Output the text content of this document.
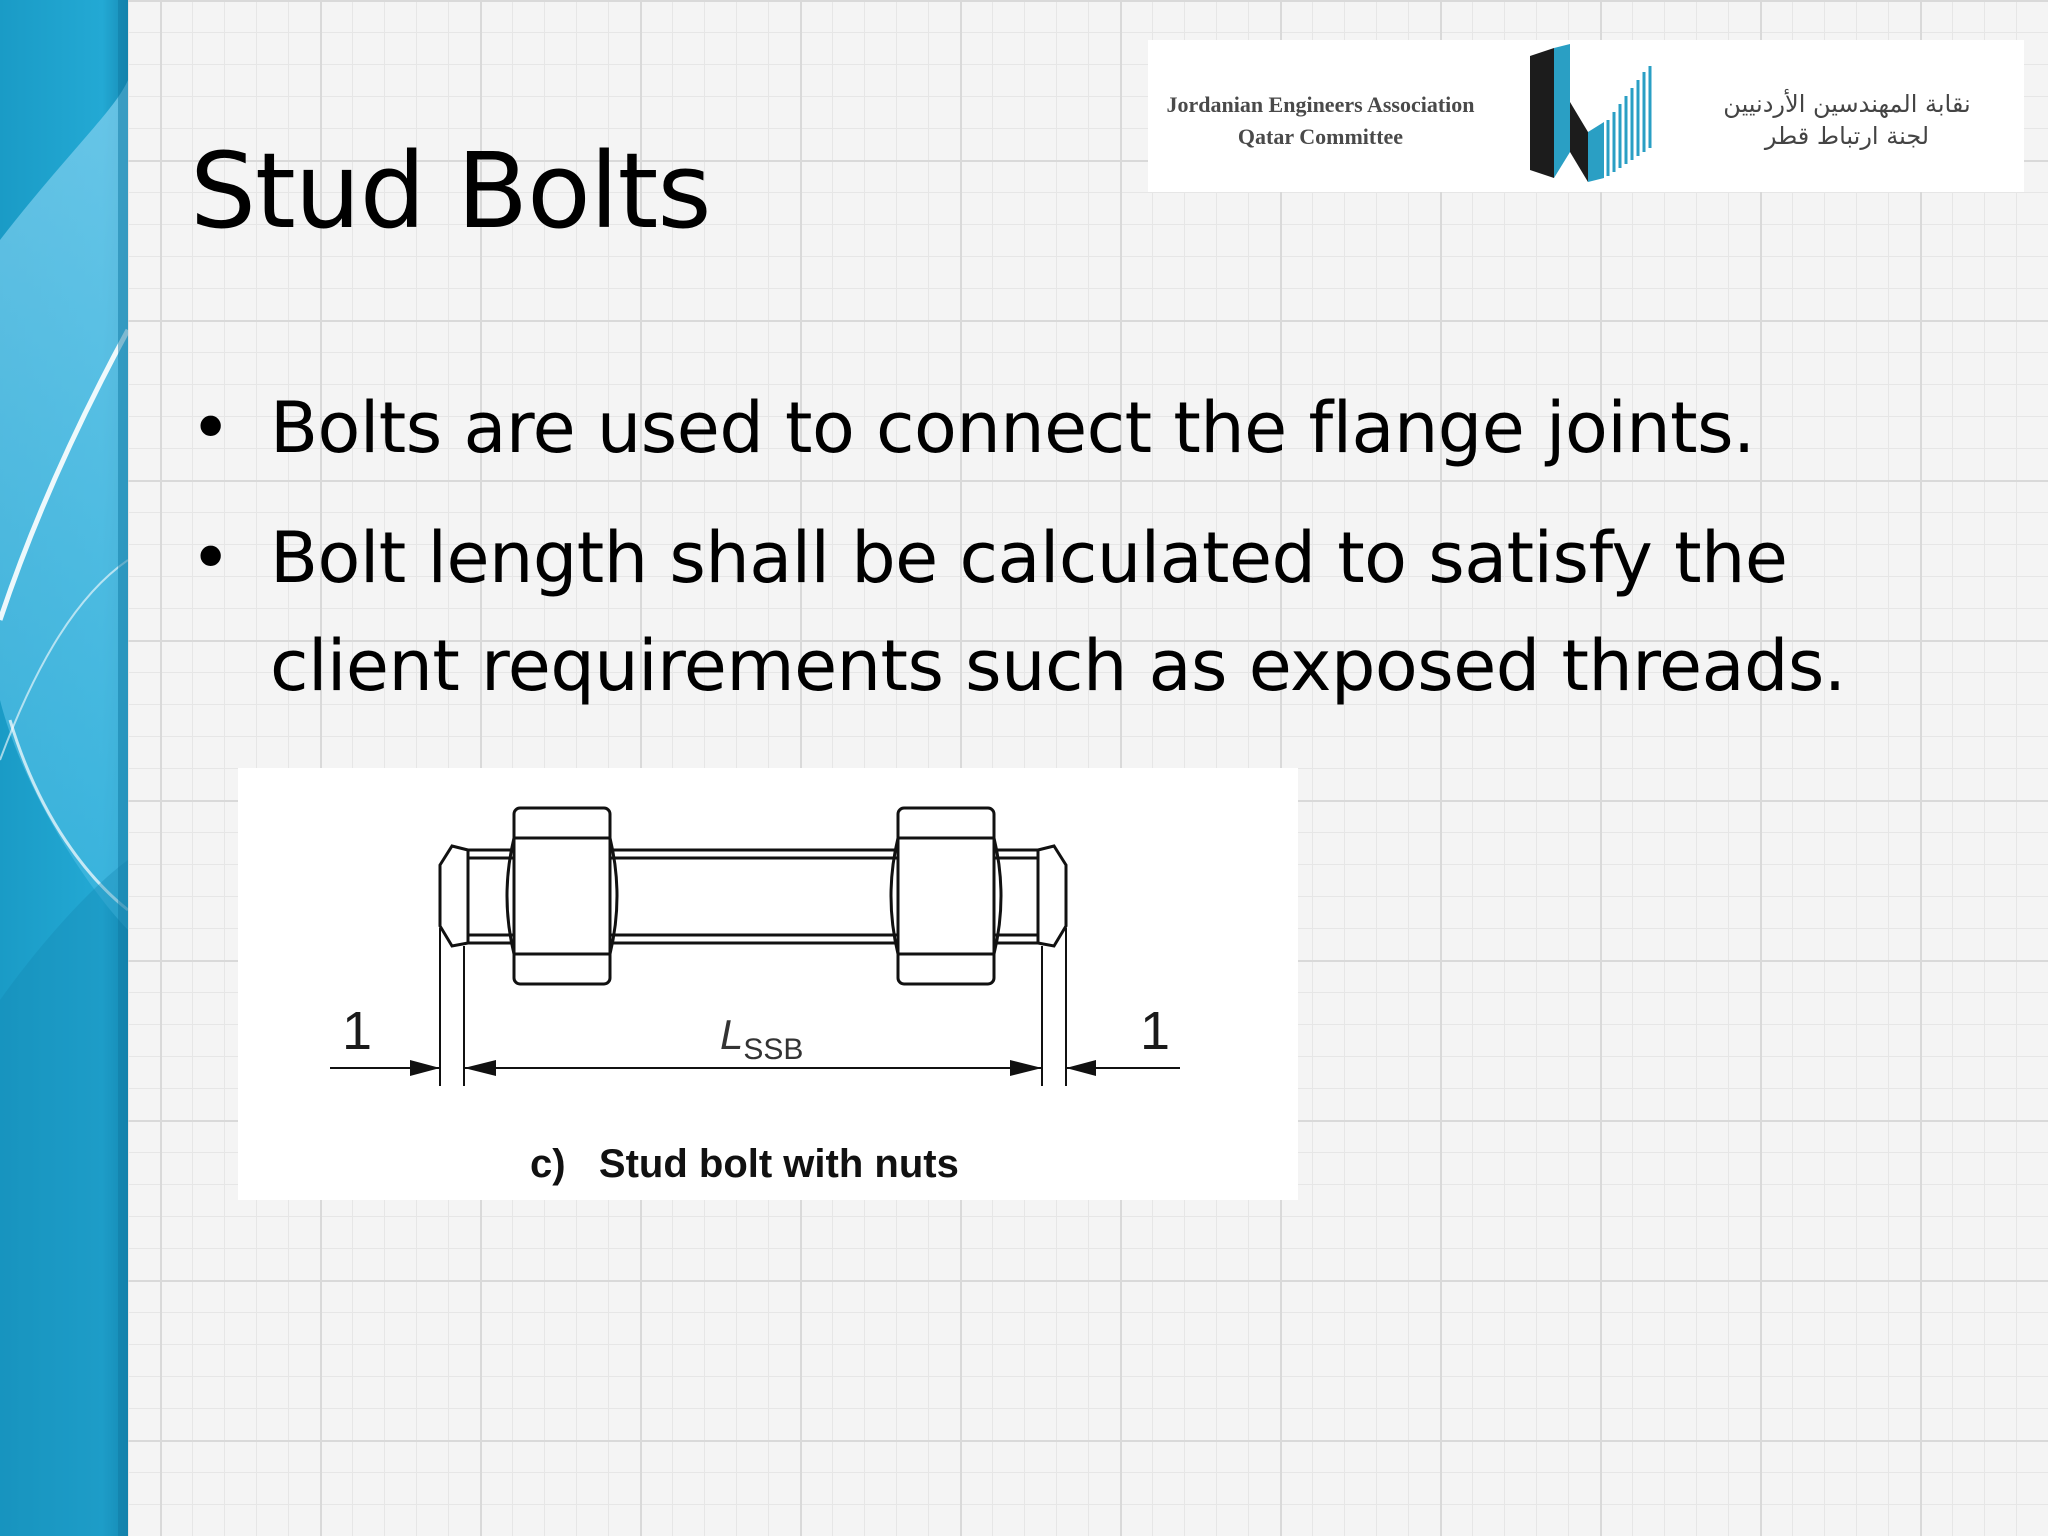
Jordanian Engineers Association
Qatar Committee
نقابة المهندسين الأردنيين
لجنة ارتباط قطر
Stud Bolts
• Bolts are used to connect the flange joints.
• Bolt length shall be calculated to satisfy the
client requirements such as exposed threads.
1	1
$L_{SSB}$
c)   Stud bolt with nuts
